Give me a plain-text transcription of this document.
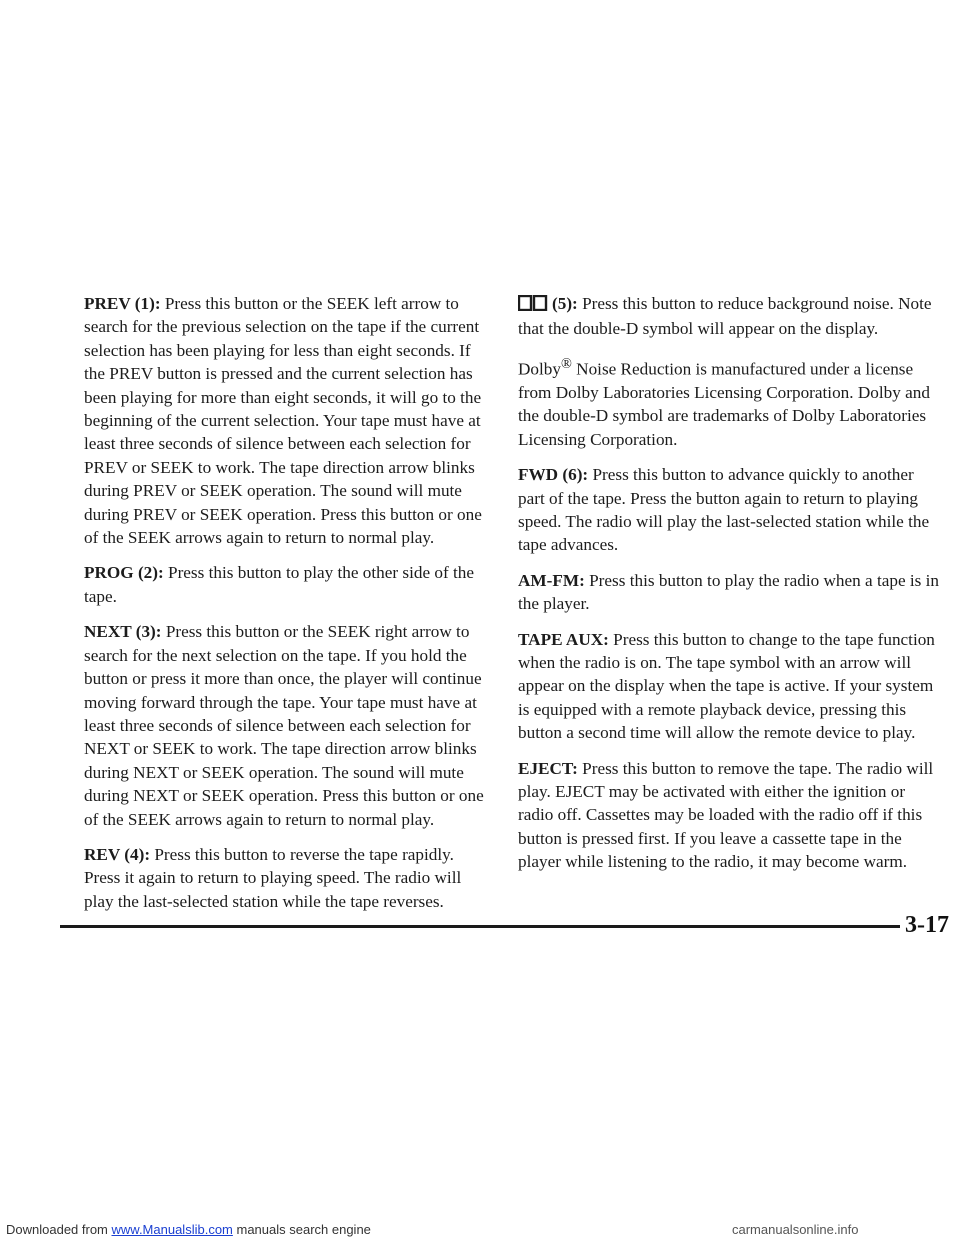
PREV (1): Press this button or the SEEK left arrow to search for the previous selection on the tape if the current selection has been playing for less than eight seconds. If the PREV button is pressed and the current selection has been playing for more than eight seconds, it will go to the beginning of the current selection. Your tape must have at least three seconds of silence between each selection for PREV or SEEK to work. The tape direction arrow blinks during PREV or SEEK operation. The sound will mute during PREV or SEEK operation. Press this button or one of the SEEK arrows again to return to normal play.

PROG (2): Press this button to play the other side of the tape.

NEXT (3): Press this button or the SEEK right arrow to search for the next selection on the tape. If you hold the button or press it more than once, the player will continue moving forward through the tape. Your tape must have at least three seconds of silence between each selection for NEXT or SEEK to work. The tape direction arrow blinks during NEXT or SEEK operation. The sound will mute during NEXT or SEEK operation. Press this button or one of the SEEK arrows again to return to normal play.

REV (4): Press this button to reverse the tape rapidly. Press it again to return to playing speed. The radio will play the last-selected station while the tape reverses.

(5): Press this button to reduce background noise. Note that the double-D symbol will appear on the display.

Dolby® Noise Reduction is manufactured under a license from Dolby Laboratories Licensing Corporation. Dolby and the double-D symbol are trademarks of Dolby Laboratories Licensing Corporation.

FWD (6): Press this button to advance quickly to another part of the tape. Press the button again to return to playing speed. The radio will play the last-selected station while the tape advances.

AM-FM: Press this button to play the radio when a tape is in the player.

TAPE AUX: Press this button to change to the tape function when the radio is on. The tape symbol with an arrow will appear on the display when the tape is active. If your system is equipped with a remote playback device, pressing this button a second time will allow the remote device to play.

EJECT: Press this button to remove the tape. The radio will play. EJECT may be activated with either the ignition or radio off. Cassettes may be loaded with the radio off if this button is pressed first. If you leave a cassette tape in the player while listening to the radio, it may become warm.

3-17
Downloaded from www.Manualslib.com manuals search engine	carmanualsonline.info
